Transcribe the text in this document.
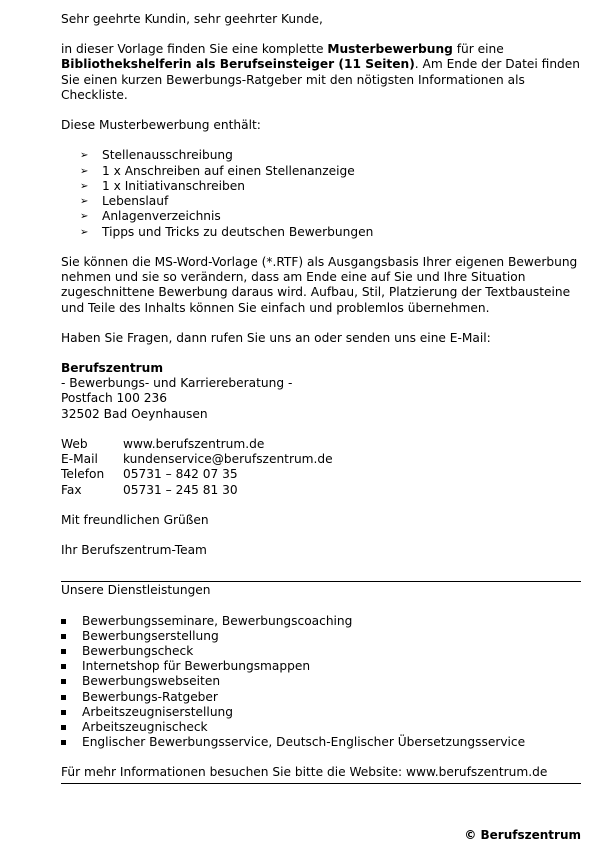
Sehr geehrte Kundin, sehr geehrter Kunde,

in dieser Vorlage finden Sie eine komplette Musterbewerbung für eine Bibliothekshelferin als Berufseinsteiger (11 Seiten). Am Ende der Datei finden Sie einen kurzen Bewerbungs-Ratgeber mit den nötigsten Informationen als Checkliste.

Diese Musterbewerbung enthält:

➢ Stellenausschreibung
➢ 1 x Anschreiben auf einen Stellenanzeige
➢ 1 x Initiativanschreiben
➢ Lebenslauf
➢ Anlagenverzeichnis
➢ Tipps und Tricks zu deutschen Bewerbungen

Sie können die MS-Word-Vorlage (*.RTF) als Ausgangsbasis Ihrer eigenen Bewerbung nehmen und sie so verändern, dass am Ende eine auf Sie und Ihre Situation zugeschnittene Bewerbung daraus wird. Aufbau, Stil, Platzierung der Textbausteine und Teile des Inhalts können Sie einfach und problemlos übernehmen.

Haben Sie Fragen, dann rufen Sie uns an oder senden uns eine E-Mail:

Berufszentrum

- Bewerbungs- und Karriereberatung -

Postfach 100 236

32502 Bad Oeynhausen

Web	www.berufszentrum.de
E-Mail	kundenservice@berufszentrum.de
Telefon	05731 – 842 07 35
Fax	05731 – 245 81 30

Mit freundlichen Grüßen

Ihr Berufszentrum-Team

Unsere Dienstleistungen

Bewerbungsseminare, Bewerbungscoaching
Bewerbungserstellung
Bewerbungscheck
Internetshop für Bewerbungsmappen
Bewerbungswebseiten
Bewerbungs-Ratgeber
Arbeitszeugniserstellung
Arbeitszeugnischeck
Englischer Bewerbungsservice, Deutsch-Englischer Übersetzungsservice

Für mehr Informationen besuchen Sie bitte die Website: www.berufszentrum.de

© Berufszentrum
